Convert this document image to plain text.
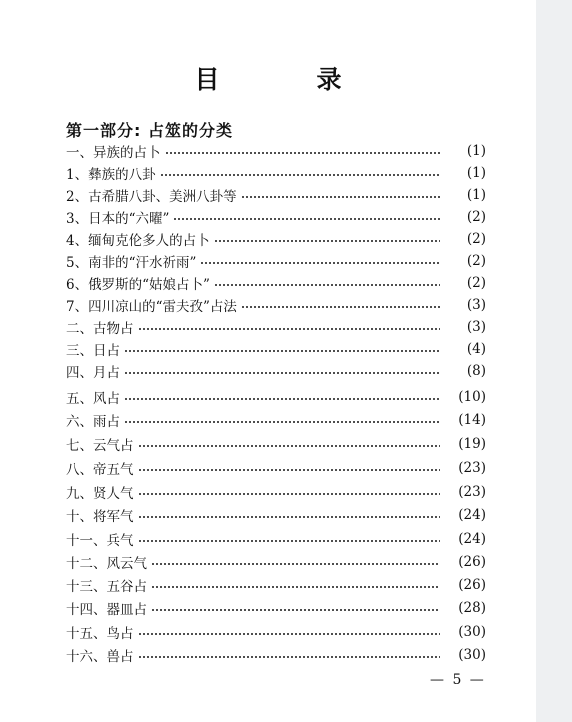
目　录
第一部分: 占筮的分类
一、异族的占卜	(1)
1、彝族的八卦	(1)
2、古希腊八卦、美洲八卦等	(1)
3、日本的“六曜”	(2)
4、缅甸克伦多人的占卜	(2)
5、南非的“汗水祈雨”	(2)
6、俄罗斯的“姑娘占卜”	(2)
7、四川凉山的“雷夫孜”占法	(3)
二、古物占	(3)
三、日占	(4)
四、月占	(8)
五、风占	(10)
六、雨占	(14)
七、云气占	(19)
八、帝五气	(23)
九、贤人气	(23)
十、将军气	(24)
十一、兵气	(24)
十二、风云气	(26)
十三、五谷占	(26)
十四、器皿占	(28)
十五、鸟占	(30)
十六、兽占	(30)
— 5 —
